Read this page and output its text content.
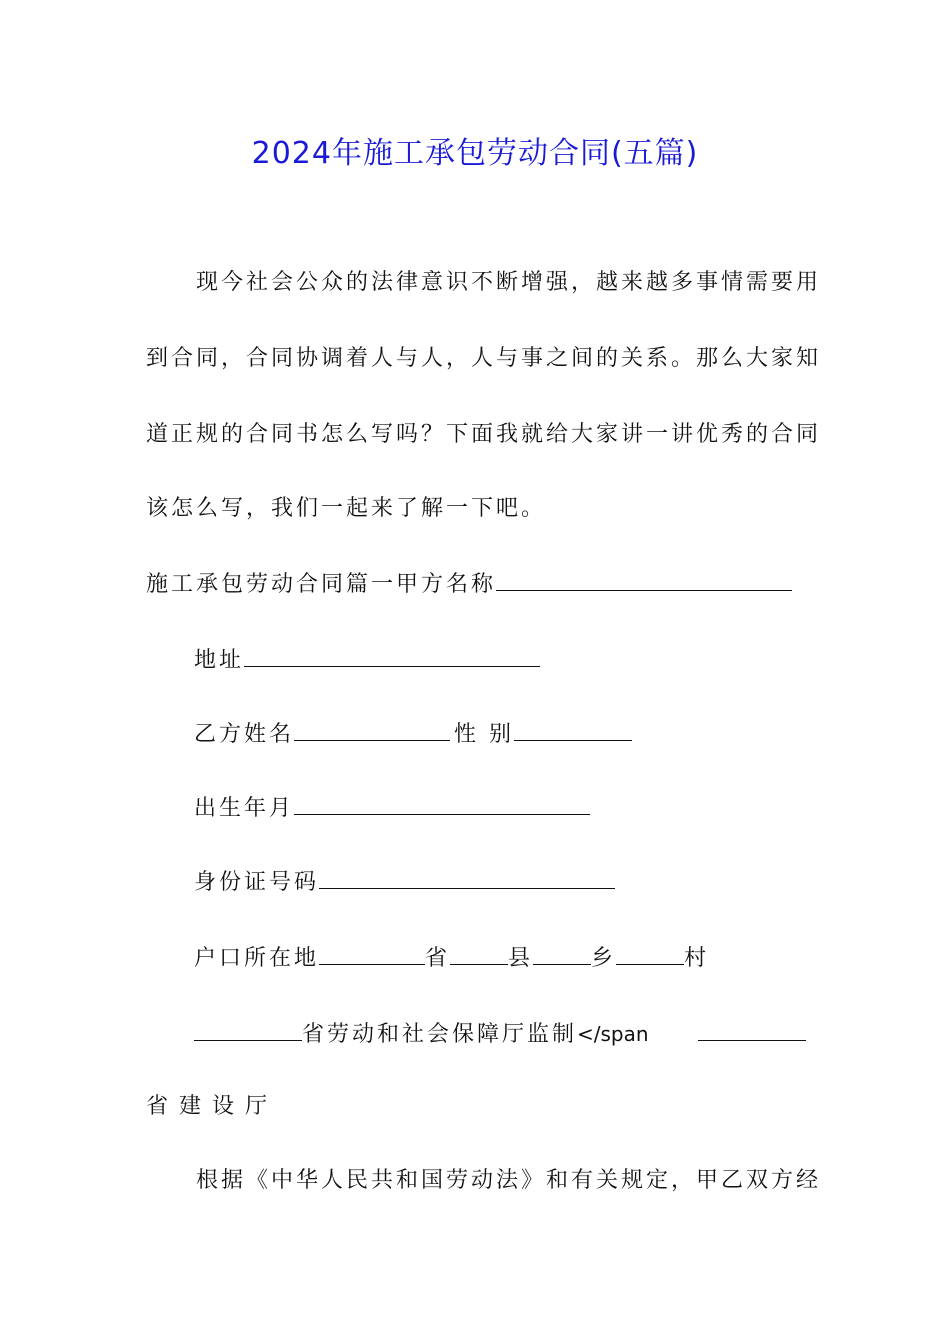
2024年施工承包劳动合同(五篇)
现今社会公众的法律意识不断增强，越来越多事情需要用
到合同，合同协调着人与人，人与事之间的关系。那么大家知
道正规的合同书怎么写吗？下面我就给大家讲一讲优秀的合同
该怎么写，我们一起来了解一下吧。
施工承包劳动合同篇一甲方名称
地址
乙方姓名	性 别
出生年月
身份证号码
户口所在地	省	县	乡	村
省劳动和社会保障厅监制</span
省 建 设 厅
根据《中华人民共和国劳动法》和有关规定，甲乙双方经
